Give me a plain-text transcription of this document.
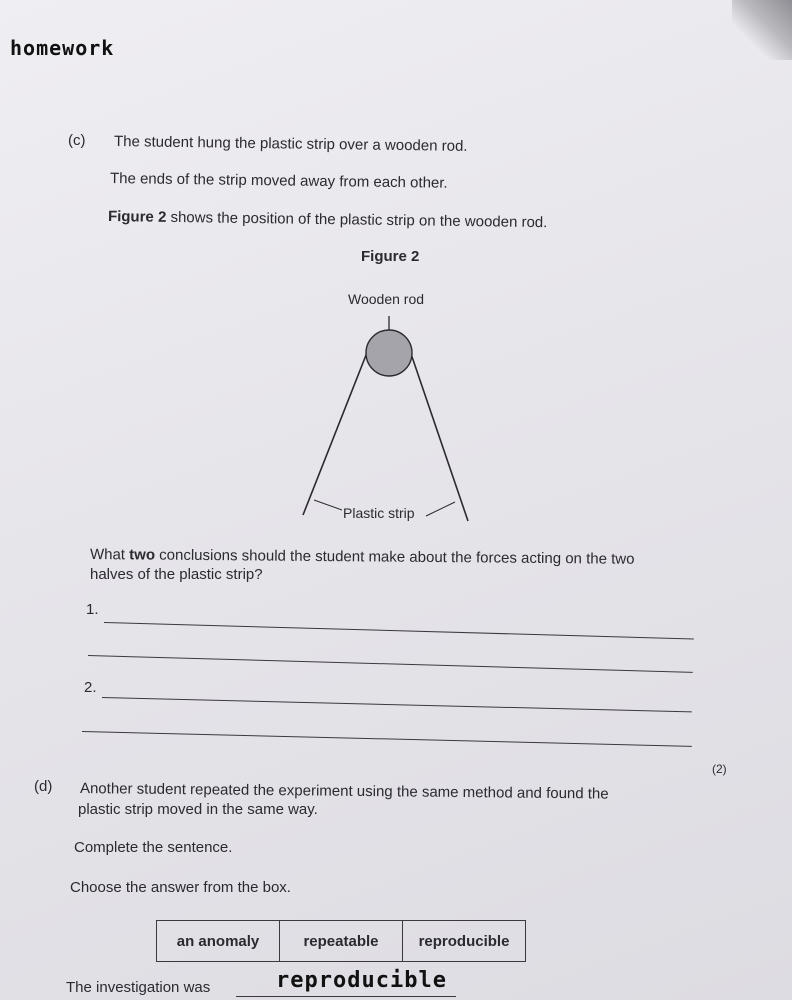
homework
(c) The student hung the plastic strip over a wooden rod.
The ends of the strip moved away from each other.
Figure 2 shows the position of the plastic strip on the wooden rod.
Figure 2
Wooden rod
Plastic strip
What two conclusions should the student make about the forces acting on the two
halves of the plastic strip?
1.
2.
(2)
(d) Another student repeated the experiment using the same method and found the
plastic strip moved in the same way.
Complete the sentence.
Choose the answer from the box.
an anomaly	repeatable	reproducible
The investigation was	reproducible
